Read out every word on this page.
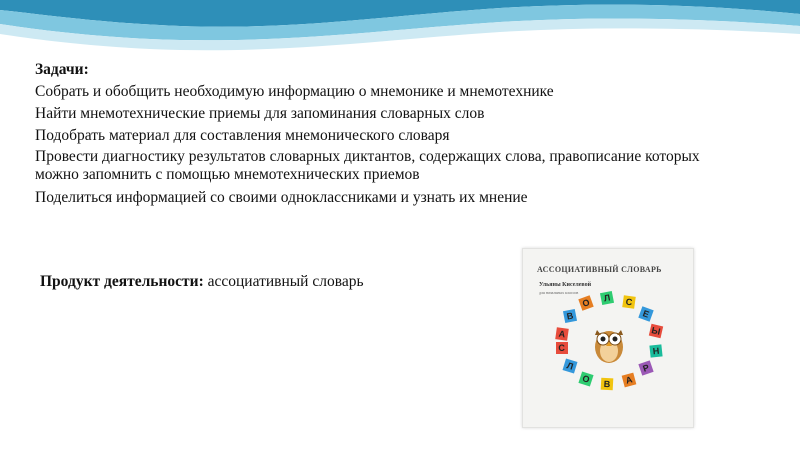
Задачи:
Собрать и обобщить необходимую информацию о мнемонике и мнемотехнике
Найти мнемотехнические приемы для запоминания словарных слов
Подобрать материал для составления мнемонического словаря
Провести диагностику результатов словарных диктантов, содержащих слова, правописание которых можно запомнить с помощью мнемотехнических приемов
Поделиться информацией со своими одноклассниками и узнать их мнение
Продукт деятельности: ассоциативный словарь
АССОЦИАТИВНЫЙ СЛОВАРЬ
Ульяны Киселевой
для начальных классов
С
Л
О	В	А
Р
Н
Ы
Е
С
Л
О
В
А
